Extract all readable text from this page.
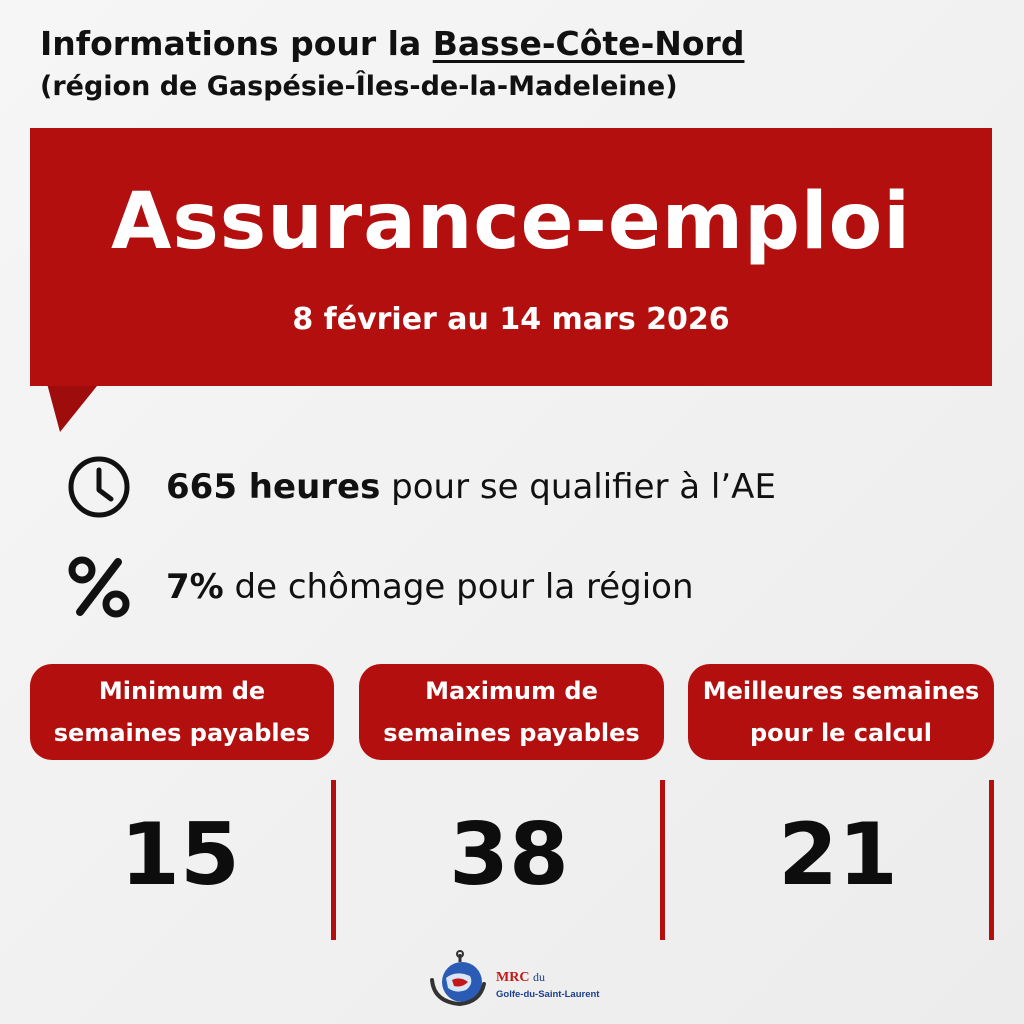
Informations pour la Basse-Côte-Nord
(région de Gaspésie-Îles-de-la-Madeleine)
Assurance-emploi
8 février au 14 mars 2026
665 heures pour se qualifier à l’AE
7% de chômage pour la région
Minimum de
semaines payables
Maximum de
semaines payables
Meilleures semaines
pour le calcul
15	38	21
MRC du
Golfe-du-Saint-Laurent
